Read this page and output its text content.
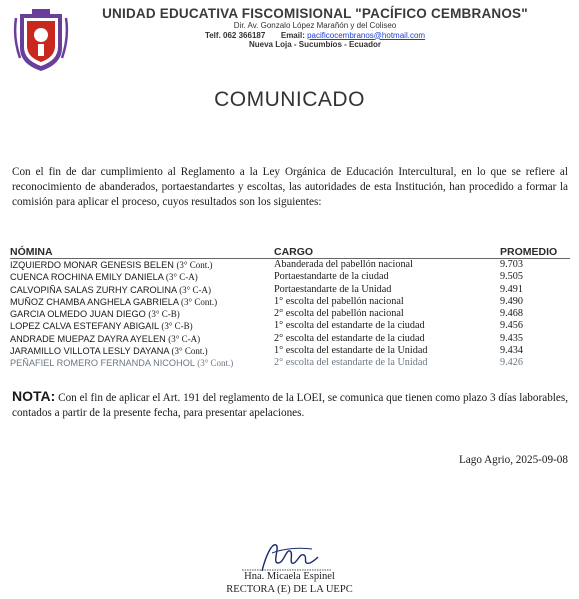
UNIDAD EDUCATIVA FISCOMISIONAL "PACÍFICO CEMBRANOS"
Dir. Av. Gonzalo López Marañón y del Coliseo
Telf. 062 366187 Email: pacificocembranos@hotmail.com
Nueva Loja - Sucumbíos - Ecuador
COMUNICADO
Con el fin de dar cumplimiento al Reglamento a la Ley Orgánica de Educación Intercultural, en lo que se refiere al reconocimiento de abanderados, portaestandartes y escoltas, las autoridades de esta Institución, han procedido a formar la comisión para aplicar el proceso, cuyos resultados son los siguientes:
NÓMINA	CARGO	PROMEDIO
IZQUIERDO MONAR GENESIS BELEN (3° Cont.)	Abanderada del pabellón nacional	9.703
CUENCA ROCHINA EMILY DANIELA (3° C-A)	Portaestandarte de la ciudad	9.505
CALVOPIÑA SALAS ZURHY CAROLINA (3° C-A)	Portaestandarte de la Unidad	9.491
MUÑOZ CHAMBA ANGHELA GABRIELA (3° Cont.)	1° escolta del pabellón nacional	9.490
GARCIA OLMEDO JUAN DIEGO (3° C-B)	2° escolta del pabellón nacional	9.468
LOPEZ CALVA ESTEFANY ABIGAIL (3° C-B)	1° escolta del estandarte de la ciudad	9.456
ANDRADE MUEPAZ DAYRA AYELEN (3° C-A)	2° escolta del estandarte de la ciudad	9.435
JARAMILLO VILLOTA LESLY DAYANA (3° Cont.)	1° escolta del estandarte de la Unidad	9.434
PEÑAFIEL ROMERO FERNANDA NICOHOL (3° Cont.)	2° escolta del estandarte de la Unidad	9.426
NOTA: Con el fin de aplicar el Art. 191 del reglamento de la LOEI, se comunica que tienen como plazo 3 días laborables, contados a partir de la presente fecha, para presentar apelaciones.
Lago Agrio, 2025-09-08
Hna. Micaela Espinel
RECTORA (E) DE LA UEPC
